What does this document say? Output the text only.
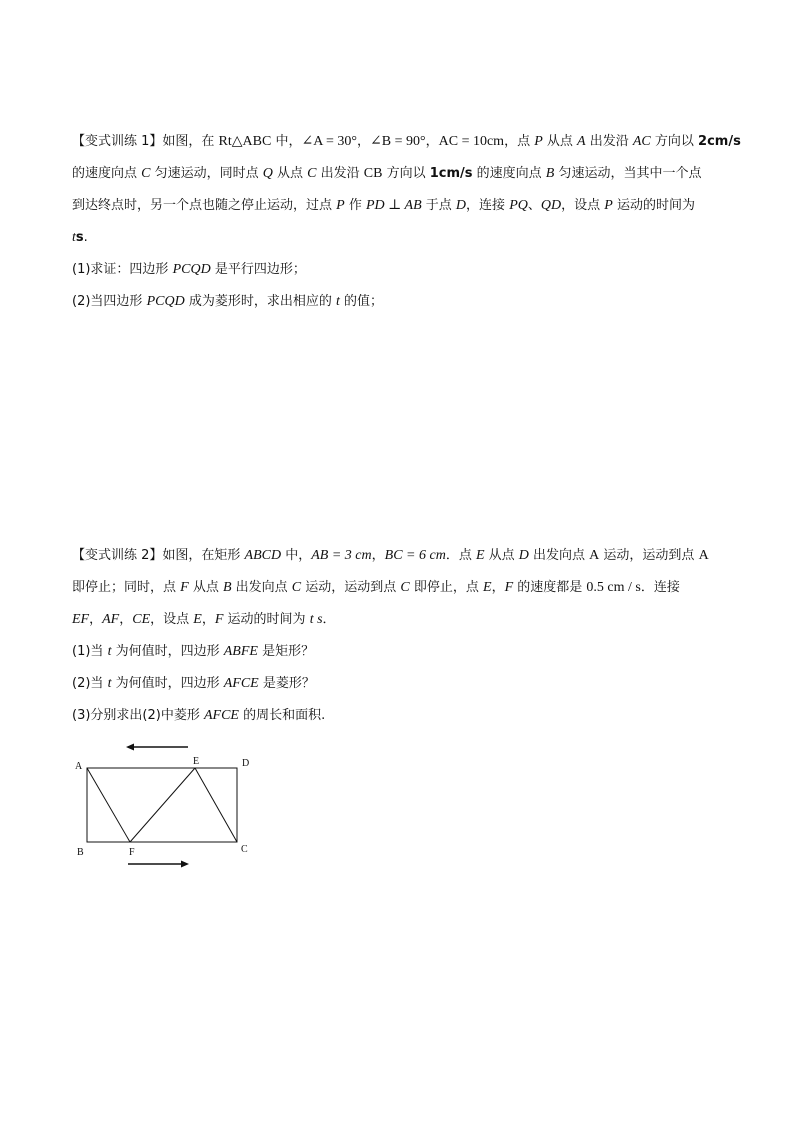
【变式训练 1】如图，在 Rt△ABC 中，∠A = 30°，∠B = 90°，AC = 10cm，点 P 从点 A 出发沿 AC 方向以 2cm/s
的速度向点 C 匀速运动，同时点 Q 从点 C 出发沿 CB 方向以 1cm/s 的速度向点 B 匀速运动，当其中一个点
到达终点时，另一个点也随之停止运动，过点 P 作 PD ⊥ AB 于点 D，连接 PQ、QD，设点 P 运动的时间为
ts.
(1)求证：四边形 PCQD 是平行四边形；
(2)当四边形 PCQD 成为菱形时，求出相应的 t 的值；
【变式训练 2】如图，在矩形 ABCD 中，AB = 3 cm，BC = 6 cm．点 E 从点 D 出发向点 A 运动，运动到点 A
即停止；同时，点 F 从点 B 出发向点 C 运动，运动到点 C 即停止，点 E，F 的速度都是 0.5 cm / s．连接
EF，AF，CE，设点 E，F 运动的时间为 t s．
(1)当 t 为何值时，四边形 ABFE 是矩形？
(2)当 t 为何值时，四边形 AFCE 是菱形？
(3)分别求出(2)中菱形 AFCE 的周长和面积.
A	E	D
B	F	C
